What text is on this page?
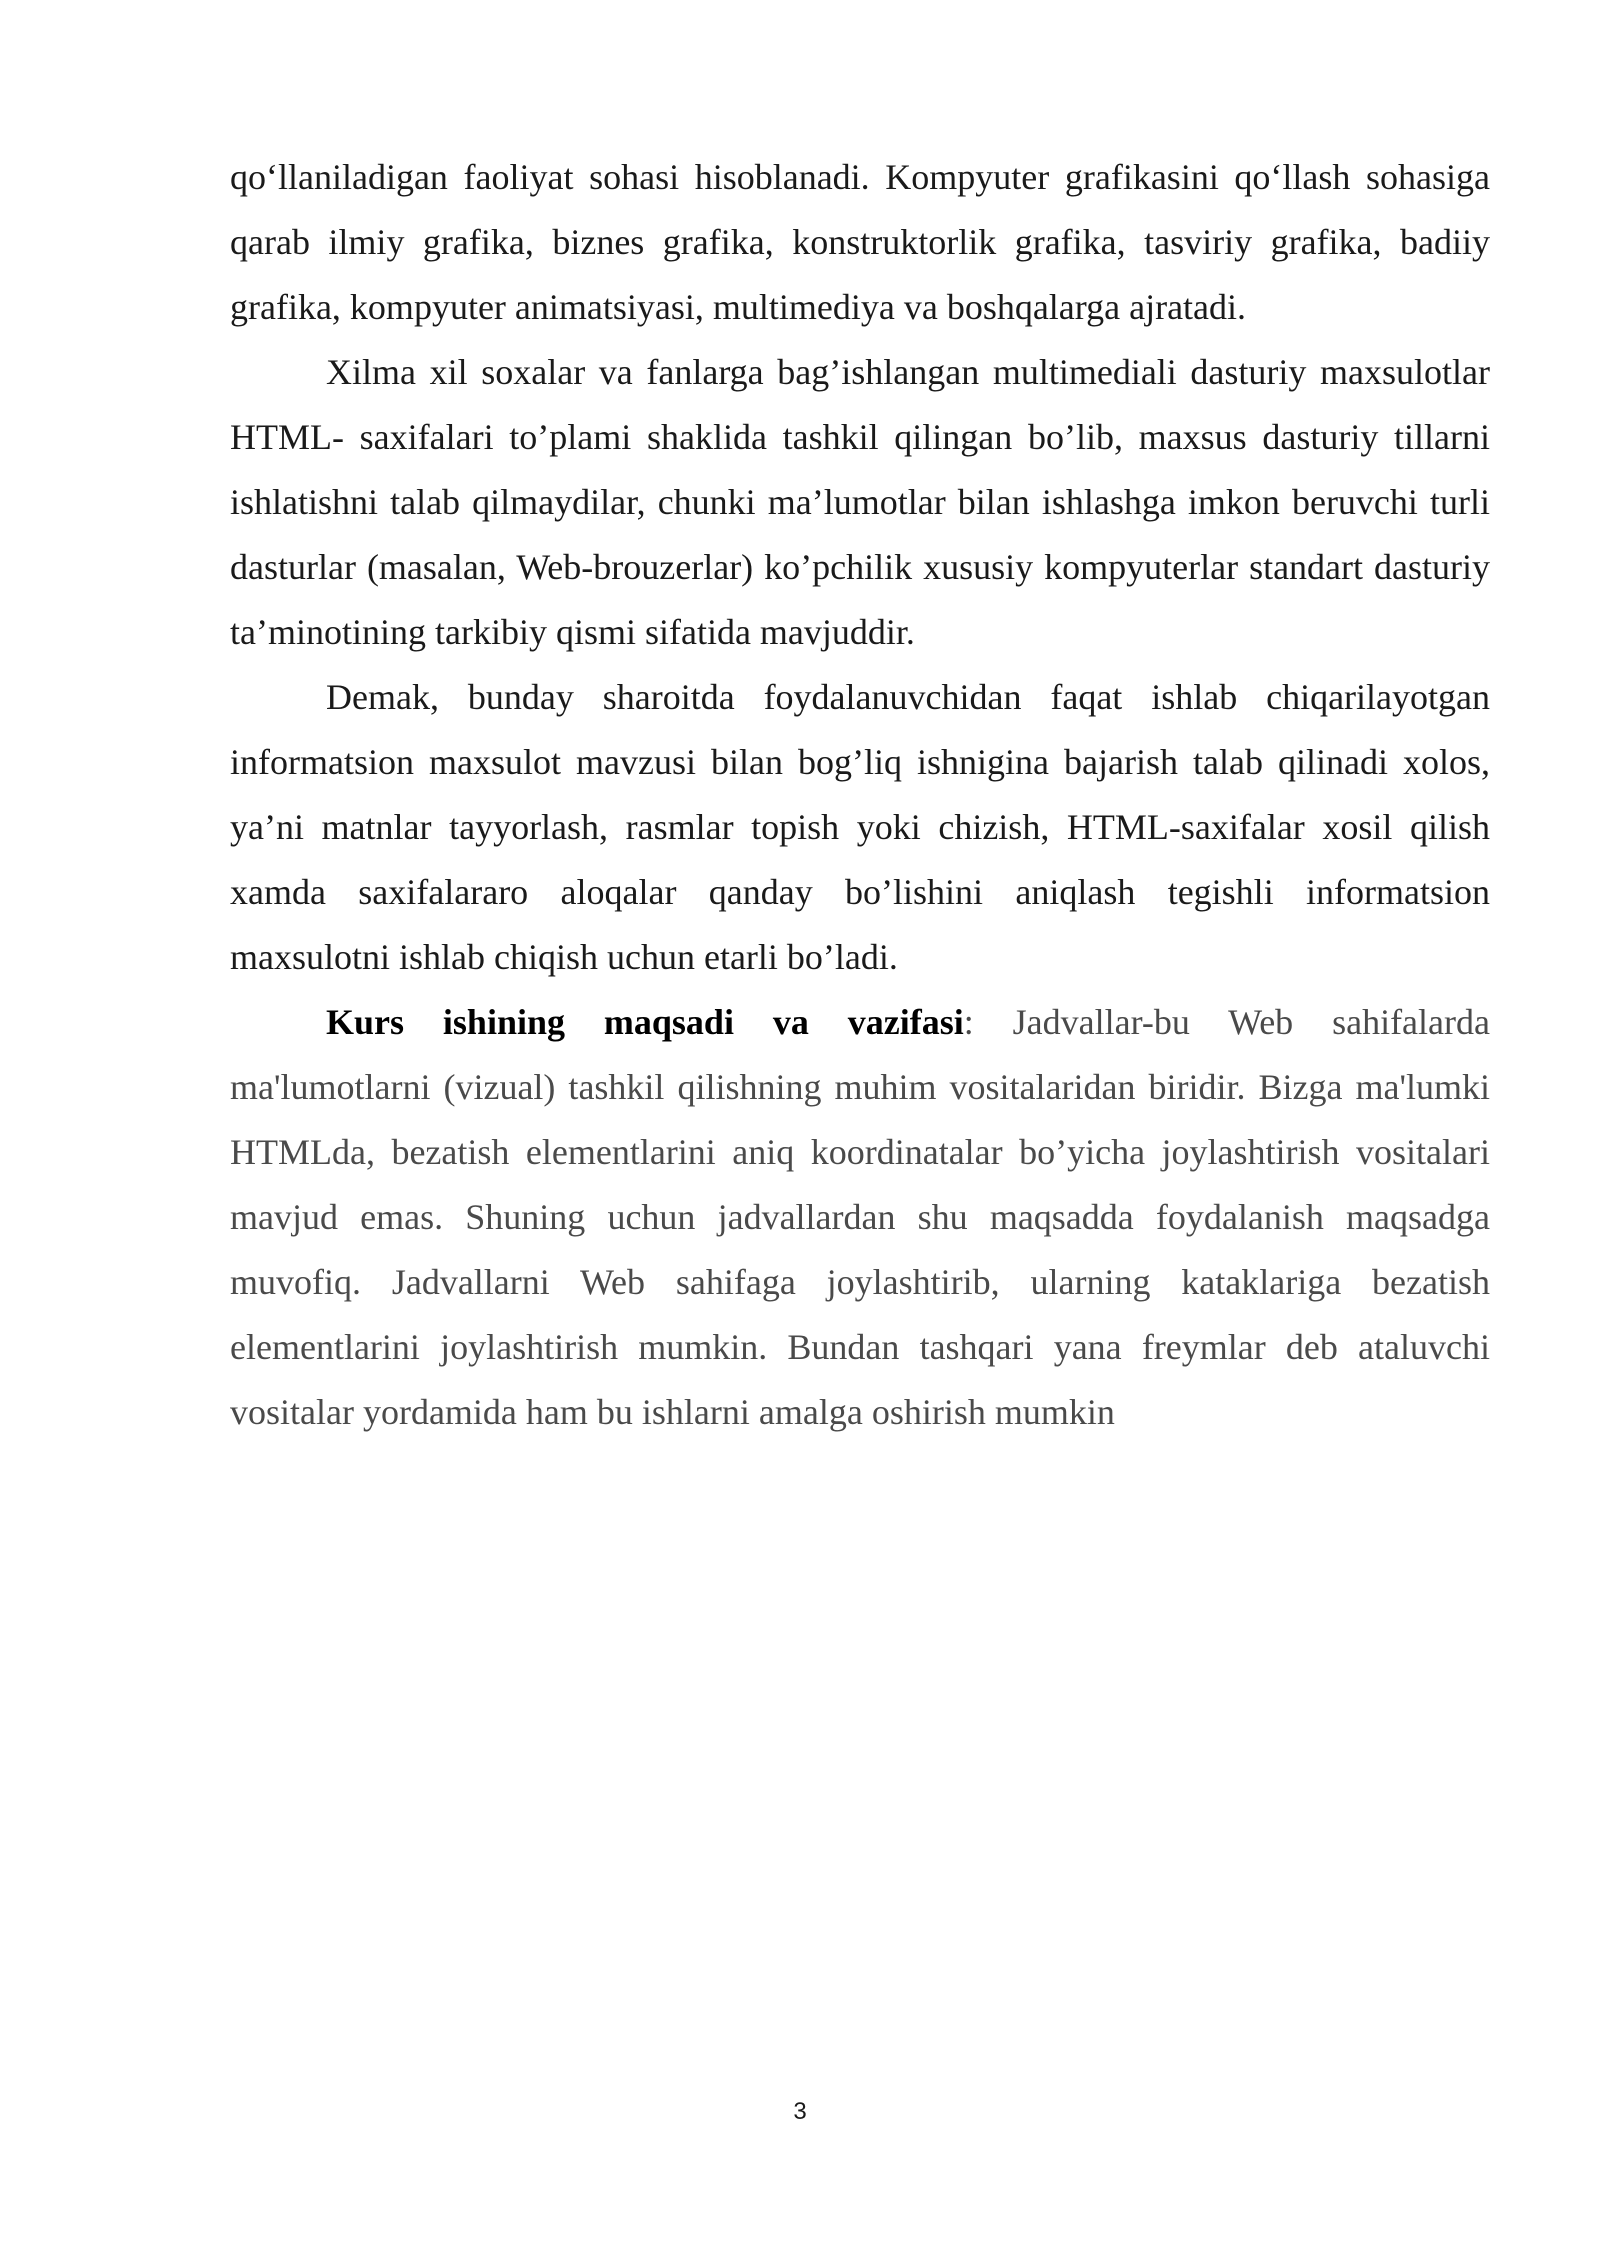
qo‘llaniladigan faoliyat sohasi hisoblanadi. Kompyuter grafikasini qo‘llash sohasiga qarab ilmiy grafika, biznes grafika, konstruktorlik grafika, tasviriy grafika, badiiy grafika, kompyuter animatsiyasi, multimediya va boshqalarga ajratadi.

Xilma xil soxalar va fanlarga bag’ishlangan multimediali dasturiy maxsulotlar HTML- saxifalari to’plami shaklida tashkil qilingan bo’lib, maxsus dasturiy tillarni ishlatishni talab qilmaydilar, chunki ma’lumotlar bilan ishlashga imkon beruvchi turli dasturlar (masalan, Web-brouzerlar) ko’pchilik xususiy kompyuterlar standart dasturiy ta’minotining tarkibiy qismi sifatida mavjuddir.

Demak, bunday sharoitda foydalanuvchidan faqat ishlab chiqarilayotgan informatsion maxsulot mavzusi bilan bog’liq ishnigina bajarish talab qilinadi xolos, ya’ni matnlar tayyorlash, rasmlar topish yoki chizish, HTML-saxifalar xosil qilish xamda saxifalararo aloqalar qanday bo’lishini aniqlash tegishli informatsion maxsulotni ishlab chiqish uchun etarli bo’ladi.

Kurs ishining maqsadi va vazifasi: Jadvallar-bu Web sahifalarda ma'lumotlarni (vizual) tashkil qilishning muhim vositalaridan biridir. Bizga ma'lumki HTMLda, bezatish elementlarini aniq koordinatalar bo’yicha joylashtirish vositalari mavjud emas. Shuning uchun jadvallardan shu maqsadda foydalanish maqsadga muvofiq. Jadvallarni Web sahifaga joylashtirib, ularning kataklariga bezatish elementlarini joylashtirish mumkin. Bundan tashqari yana freymlar deb ataluvchi vositalar yordamida ham bu ishlarni amalga oshirish mumkin

3
